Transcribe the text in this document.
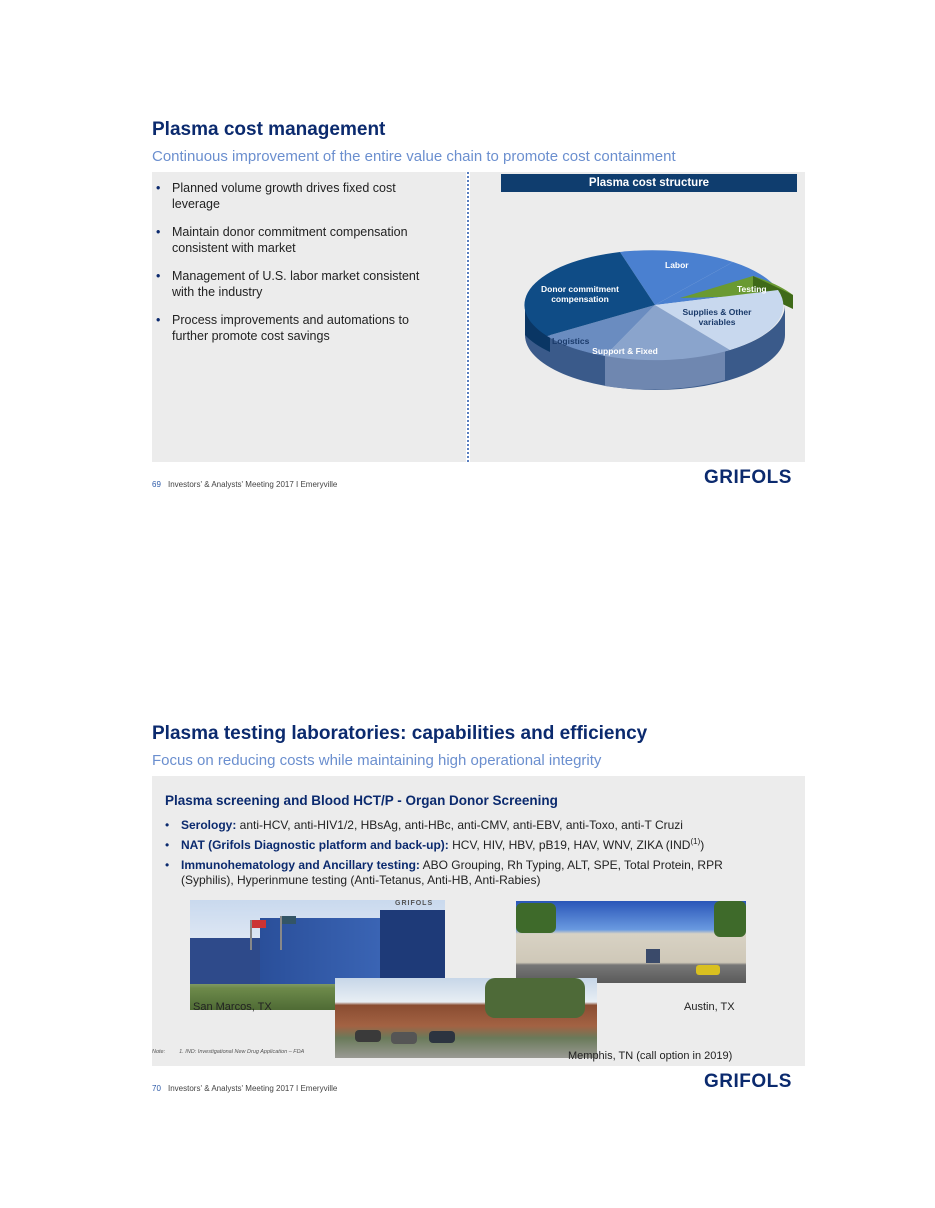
Plasma cost management
Continuous improvement of the entire value chain to promote cost containment
• Planned volume growth drives fixed cost
leverage
• Maintain donor commitment compensation
consistent with market
• Management of U.S. labor market consistent
with the industry
• Process improvements and automations to
further promote cost savings
Plasma cost structure
Labor
Testing
Supplies & Other variables
Support & Fixed
Logistics
Donor commitment compensation
69 Investors' & Analysts' Meeting 2017 I Emeryville	GRIFOLS
Plasma testing laboratories: capabilities and efficiency
Focus on reducing costs while maintaining high operational integrity
Plasma screening and Blood HCT/P - Organ Donor Screening
• Serology: anti-HCV, anti-HIV1/2, HBsAg, anti-HBc, anti-CMV, anti-EBV, anti-Toxo, anti-T Cruzi
• NAT (Grifols Diagnostic platform and back-up): HCV, HIV, HBV, pB19, HAV, WNV, ZIKA (IND$^{(1)}$)
• Immunohematology and Ancillary testing: ABO Grouping, Rh Typing, ALT, SPE, Total Protein, RPR
(Syphilis), Hyperinmune testing (Anti-Tetanus, Anti-HB, Anti-Rabies)
GRIFOLS
San Marcos, TX	Austin, TX
Memphis, TN (call option in 2019)
Note:	1. IND: Investigational New Drug Application – FDA
70 Investors' & Analysts' Meeting 2017 I Emeryville	GRIFOLS
